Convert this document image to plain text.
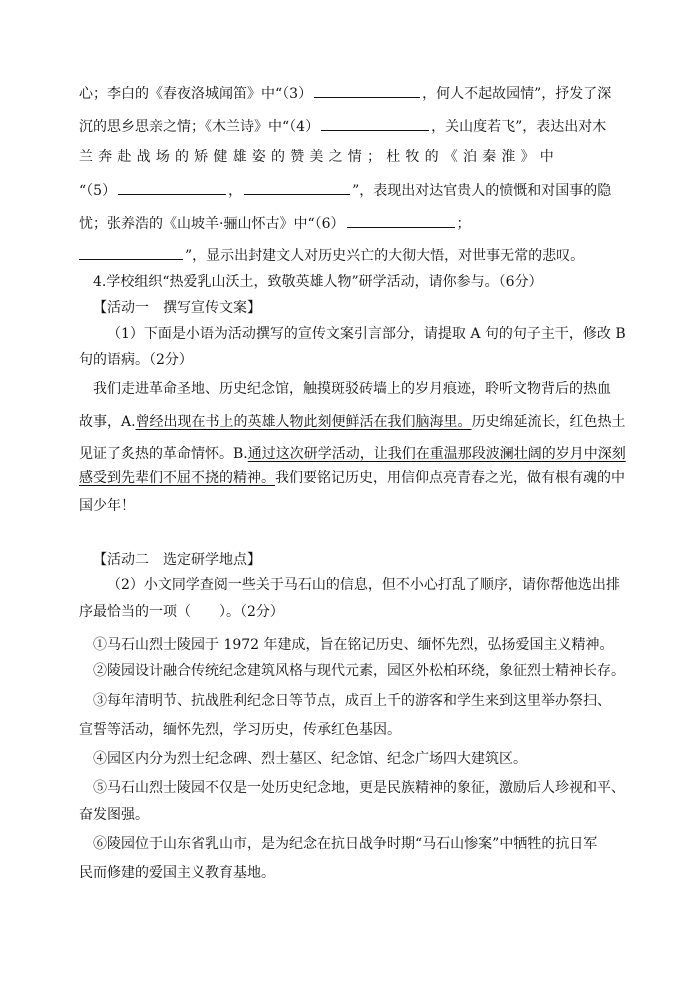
心；李白的《春夜洛城闻笛》中“（3）	，何人不起故园情”，抒发了深
沉的思乡思亲之情；《木兰诗》中“（4）	，关山度若飞”，表达出对木
兰奔赴战场的矫健雄姿的赞美之情；杜牧的《泊秦淮》中
“（5）	，	”，表现出对达官贵人的愤慨和对国事的隐
忧；张养浩的《山坡羊·骊山怀古》中“（6）	；
”，显示出封建文人对历史兴亡的大彻大悟，对世事无常的悲叹。
4.学校组织“热爱乳山沃土，致敬英雄人物”研学活动，请你参与。（6分）
【活动一　撰写宣传文案】
（1）下面是小语为活动撰写的宣传文案引言部分，请提取 A 句的句子主干，修改 B
句的语病。（2分）
我们走进革命圣地、历史纪念馆，触摸斑驳砖墙上的岁月痕迹，聆听文物背后的热血
故事，A.曾经出现在书上的英雄人物此刻便鲜活在我们脑海里。历史绵延流长，红色热土
见证了炙热的革命情怀。B.通过这次研学活动，让我们在重温那段波澜壮阔的岁月中深刻
感受到先辈们不屈不挠的精神。我们要铭记历史，用信仰点亮青春之光，做有根有魂的中
国少年！
【活动二　选定研学地点】
（2）小文同学查阅一些关于马石山的信息，但不小心打乱了顺序，请你帮他选出排
序最恰当的一项（　　）。（2分）
①马石山烈士陵园于 1972 年建成，旨在铭记历史、缅怀先烈，弘扬爱国主义精神。
②陵园设计融合传统纪念建筑风格与现代元素，园区外松柏环绕，象征烈士精神长存。
③每年清明节、抗战胜利纪念日等节点，成百上千的游客和学生来到这里举办祭扫、
宣誓等活动，缅怀先烈，学习历史，传承红色基因。
④园区内分为烈士纪念碑、烈士墓区、纪念馆、纪念广场四大建筑区。
⑤马石山烈士陵园不仅是一处历史纪念地，更是民族精神的象征，激励后人珍视和平、
奋发图强。
⑥陵园位于山东省乳山市，是为纪念在抗日战争时期“马石山惨案”中牺牲的抗日军
民而修建的爱国主义教育基地。
